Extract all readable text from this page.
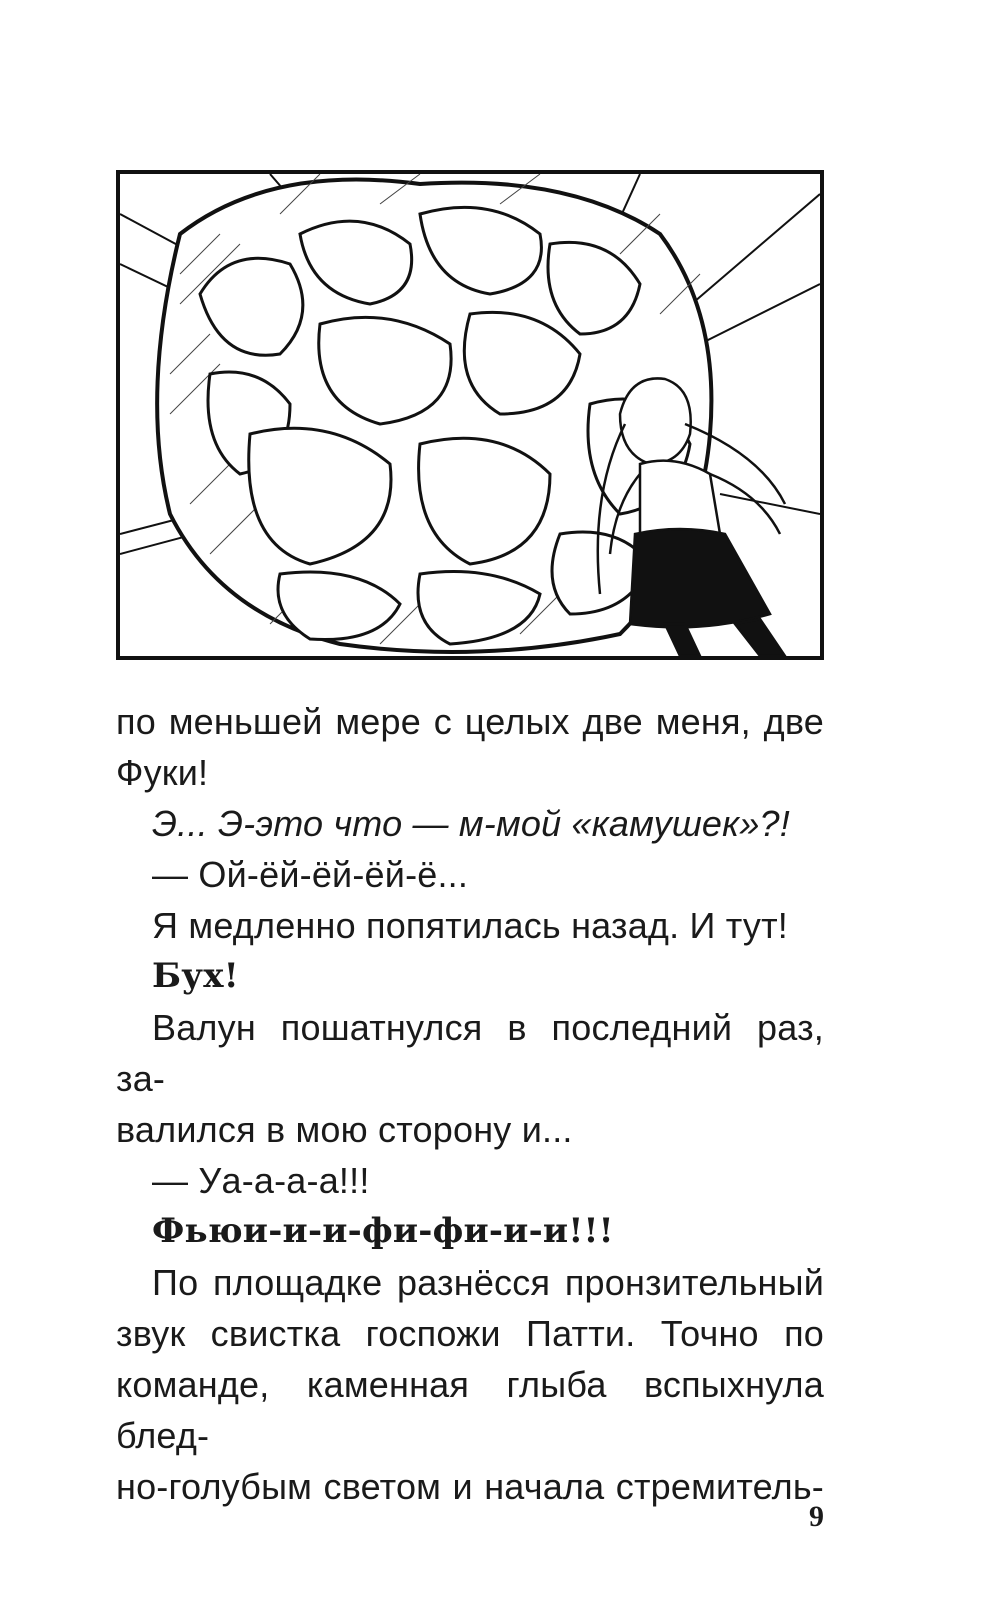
по меньшей мере с целых две меня, две

Фуки!

Э... Э-это что — м-мой «камушек»?!

— Ой-ёй-ёй-ёй-ё...

Я медленно попятилась назад. И тут!

Бух!

Валун пошатнулся в последний раз, за-

валился в мою сторону и...

— Уа-а-а-а!!!

Фьюи-и-и-фи-фи-и-и!!!

По площадке разнёсся пронзительный

звук свистка госпожи Патти. Точно по

команде, каменная глыба вспыхнула блед-

но-голубым светом и начала стремитель-

9
